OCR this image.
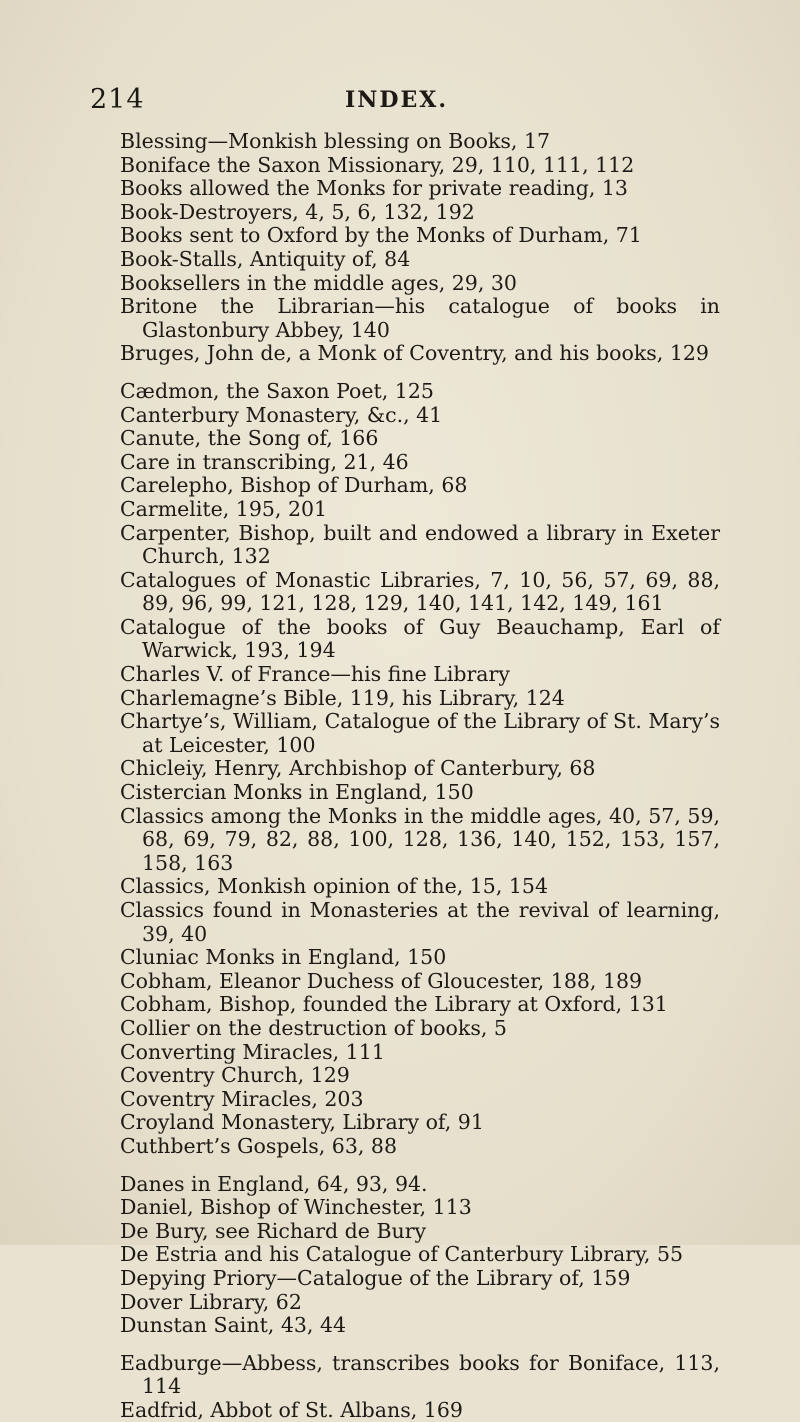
214	INDEX.
Blessing—Monkish blessing on Books, 17
Boniface the Saxon Missionary, 29, 110, 111, 112
Books allowed the Monks for private reading, 13
Book-Destroyers, 4, 5, 6, 132, 192
Books sent to Oxford by the Monks of Durham, 71
Book-Stalls, Antiquity of, 84
Booksellers in the middle ages, 29, 30
Britone the Librarian—his catalogue of books in Glastonbury Abbey, 140
Bruges, John de, a Monk of Coventry, and his books, 129
Cædmon, the Saxon Poet, 125
Canterbury Monastery, &c., 41
Canute, the Song of, 166
Care in transcribing, 21, 46
Carelepho, Bishop of Durham, 68
Carmelite, 195, 201
Carpenter, Bishop, built and endowed a library in Exeter Church, 132
Catalogues of Monastic Libraries, 7, 10, 56, 57, 69, 88, 89, 96, 99, 121, 128, 129, 140, 141, 142, 149, 161
Catalogue of the books of Guy Beauchamp, Earl of Warwick, 193, 194
Charles V. of France—his fine Library
Charlemagne’s Bible, 119, his Library, 124
Chartye’s, William, Catalogue of the Library of St. Mary’s at Leicester, 100
Chicleiy, Henry, Archbishop of Canterbury, 68
Cistercian Monks in England, 150
Classics among the Monks in the middle ages, 40, 57, 59, 68, 69, 79, 82, 88, 100, 128, 136, 140, 152, 153, 157, 158, 163
Classics, Monkish opinion of the, 15, 154
Classics found in Monasteries at the revival of learning, 39, 40
Cluniac Monks in England, 150
Cobham, Eleanor Duchess of Gloucester, 188, 189
Cobham, Bishop, founded the Library at Oxford, 131
Collier on the destruction of books, 5
Converting Miracles, 111
Coventry Church, 129
Coventry Miracles, 203
Croyland Monastery, Library of, 91
Cuthbert’s Gospels, 63, 88
Danes in England, 64, 93, 94.
Daniel, Bishop of Winchester, 113
De Bury, see Richard de Bury
De Estria and his Catalogue of Canterbury Library, 55
Depying Priory—Catalogue of the Library of, 159
Dover Library, 62
Dunstan Saint, 43, 44
Eadburge—Abbess, transcribes books for Boniface, 113, 114
Eadfrid, Abbot of St. Albans, 169
